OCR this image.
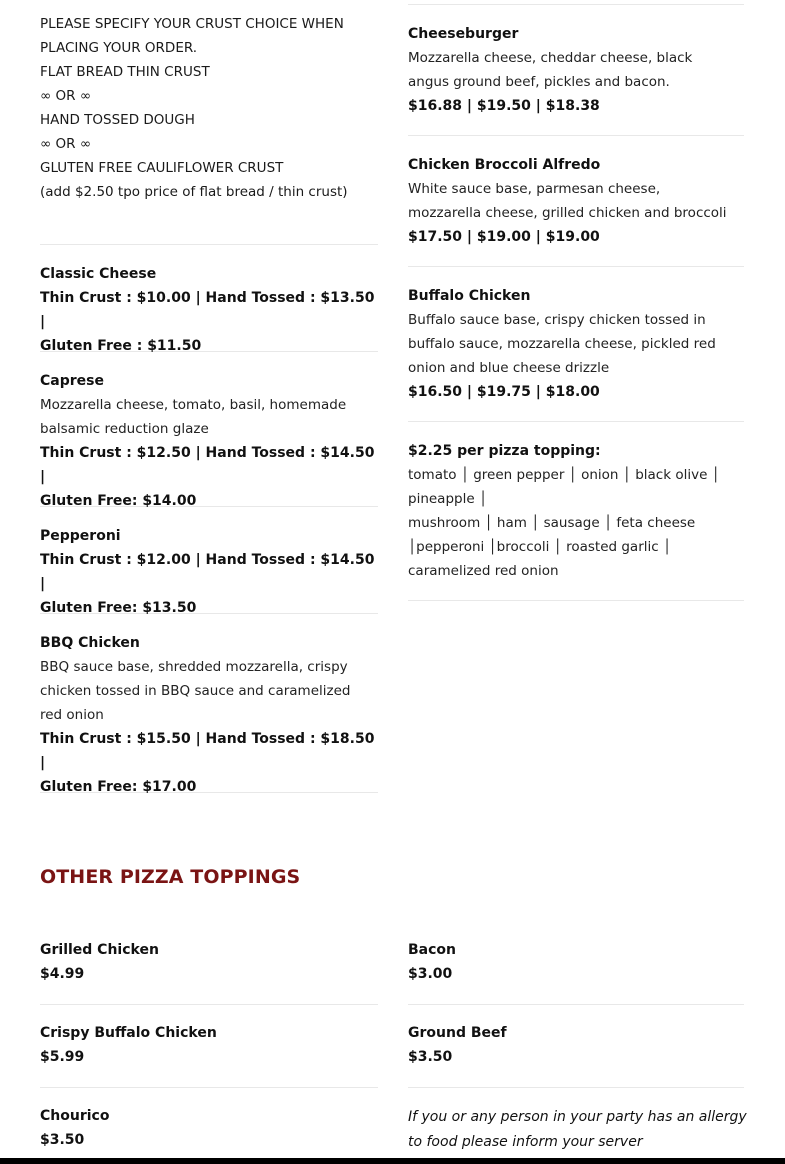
PLEASE SPECIFY YOUR CRUST CHOICE WHEN
PLACING YOUR ORDER.
FLAT BREAD THIN CRUST
∞ OR ∞
HAND TOSSED DOUGH
∞ OR ∞
GLUTEN FREE CAULIFLOWER CRUST
(add $2.50 tpo price of flat bread / thin crust)

Classic Cheese

Thin Crust : $10.00 | Hand Tossed : $13.50 |

Gluten Free : $11.50

Caprese

Mozzarella cheese, tomato, basil, homemade

balsamic reduction glaze

Thin Crust : $12.50 | Hand Tossed : $14.50 |

Gluten Free: $14.00

Pepperoni

Thin Crust : $12.00 | Hand Tossed : $14.50 |

Gluten Free: $13.50

BBQ Chicken

BBQ sauce base, shredded mozzarella, crispy

chicken tossed in BBQ sauce and caramelized

red onion

Thin Crust : $15.50 | Hand Tossed : $18.50 |

Gluten Free: $17.00

Cheeseburger

Mozzarella cheese, cheddar cheese, black

angus ground beef, pickles and bacon.

$16.88 | $19.50 | $18.38

Chicken Broccoli Alfredo

White sauce base, parmesan cheese,

mozzarella cheese, grilled chicken and broccoli

$17.50 | $19.00 | $19.00

Buffalo Chicken

Buffalo sauce base, crispy chicken tossed in

buffalo sauce, mozzarella cheese, pickled red

onion and blue cheese drizzle

$16.50 | $19.75 | $18.00

$2.25 per pizza topping:

tomato │ green pepper │ onion │ black olive │

pineapple │

mushroom │ ham │ sausage │ feta cheese

│pepperoni │broccoli │ roasted garlic │

caramelized red onion

OTHER PIZZA TOPPINGS

Grilled Chicken

$4.99

Crispy Buffalo Chicken

$5.99

Chourico

$3.50

Bacon

$3.00

Ground Beef

$3.50

If you or any person in your party has an allergy
to food please inform your server
